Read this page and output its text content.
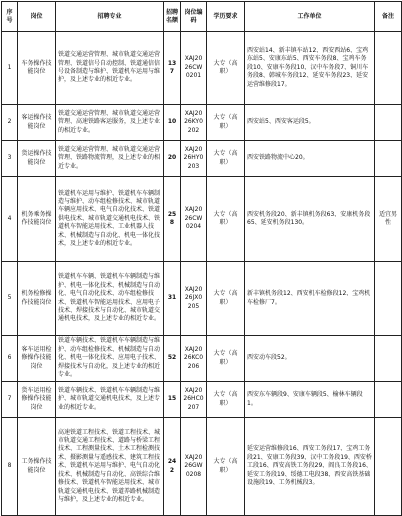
序号	岗位	招聘专业	招聘名额	岗位编码	学历要求	工作单位	备注
1	车务操作技能岗位	铁道交通运营管理、城市轨道交通运营管理、铁道信号自动控制、铁道通信信号设备制造与维护、铁道机车运用与维护，及上述专业的相近专业。	137	XAJ2026CW0201	大专（高职）	西安站14、新丰镇车站12、西安西站6、宝鸡东站5、安康东站5、西安车务段8、宝鸡车务段10、安康车务段10、汉中车务段7、铜川车务段8、韩城车务段12、延安车务段23、延安运营维修段17。	
2	客运操作技能岗位	铁道交通运营管理、城市轨道交通运营管理、高速铁路客运服务，及上述专业的相近专业。	10	XAJ2026KY0202	大专（高职）	西安站5、西安客运段5。	
3	货运操作技能岗位	铁道交通运营管理、城市轨道交通运营管理、铁路物流管理，及上述专业的相近专业。	20	XAJ2026HY0203	大专（高职）	西安铁路物流中心20。	
4	机务乘务操作技能岗位	铁道机车运用与维护、铁道机车车辆制造与维护、动车组检修技术、城市轨道车辆应用技术、电气自动化技术、铁道供电技术、城市轨道交通机电技术、铁道机车智能运用技术、工业机器人技术、机械制造与自动化、机电一体化技术，及上述专业的相近专业。	258	XAJ2026CW0204	大专（高职）	西安机务段20、新丰镇机务段63、安康机务段65、延安机务段130。	适宜男性
5	机务检修操作技能岗位	铁道机车车辆、铁道机车车辆制造与维护、机电一体化技术、机械制造与自动化、电气自动化技术、动车组检修技术、铁道机车智能运用技术、应用电子技术、焊接技术与自动化、城市轨道交通机电技术，及上述专业的相近专业。	31	XAJ2026JX0205	大专（高职）	新丰镇机务段12、西安机车检修段12、宝鸡机车检修厂7。	
6	客车运用检修操作技能岗位	铁道车辆技术、铁道机车车辆制造与维护、动车组检修技术、机械制造与自动化、机电一体化技术、应用电子技术、焊接技术与自动化，及上述专业的相近专业。	52	XAJ2026KC0206	大专（高职）	西安动车段52。	
7	货车运用检修操作技能岗位	铁道车辆技术、铁道机车车辆制造与维护、城市轨道交通机电技术，及上述专业的相近专业。	15	XAJ2026HC0207	大专（高职）	西安东车辆段9、安康车辆段5、榆林车辆段1。	
8	工务操作技能岗位	高速铁道工程技术、铁道工程技术、城市轨道交通工程技术、道路与桥梁工程技术、工程测量技术、土木工程检测技术、摄影测量与遥感技术、建筑工程技术、铁道机车运用与维护、电气自动化技术、机械制造与自动化、高铁综合维修技术、铁道机车智能运用技术、城市轨道交通机电技术、铁道养路机械制造与维护，及上述专业的相近专业。	242	XAJ2026GW0208	大专（高职）	延安运营维修段16、西安工务段17、宝鸡工务段21、安康工务段39、汉中工务段19、西安桥工段16、西安高铁工务段29、阎良工务段16、延安工务段19、绥德工电段38、西安高铁基础设施段19、工务机械段3。	
